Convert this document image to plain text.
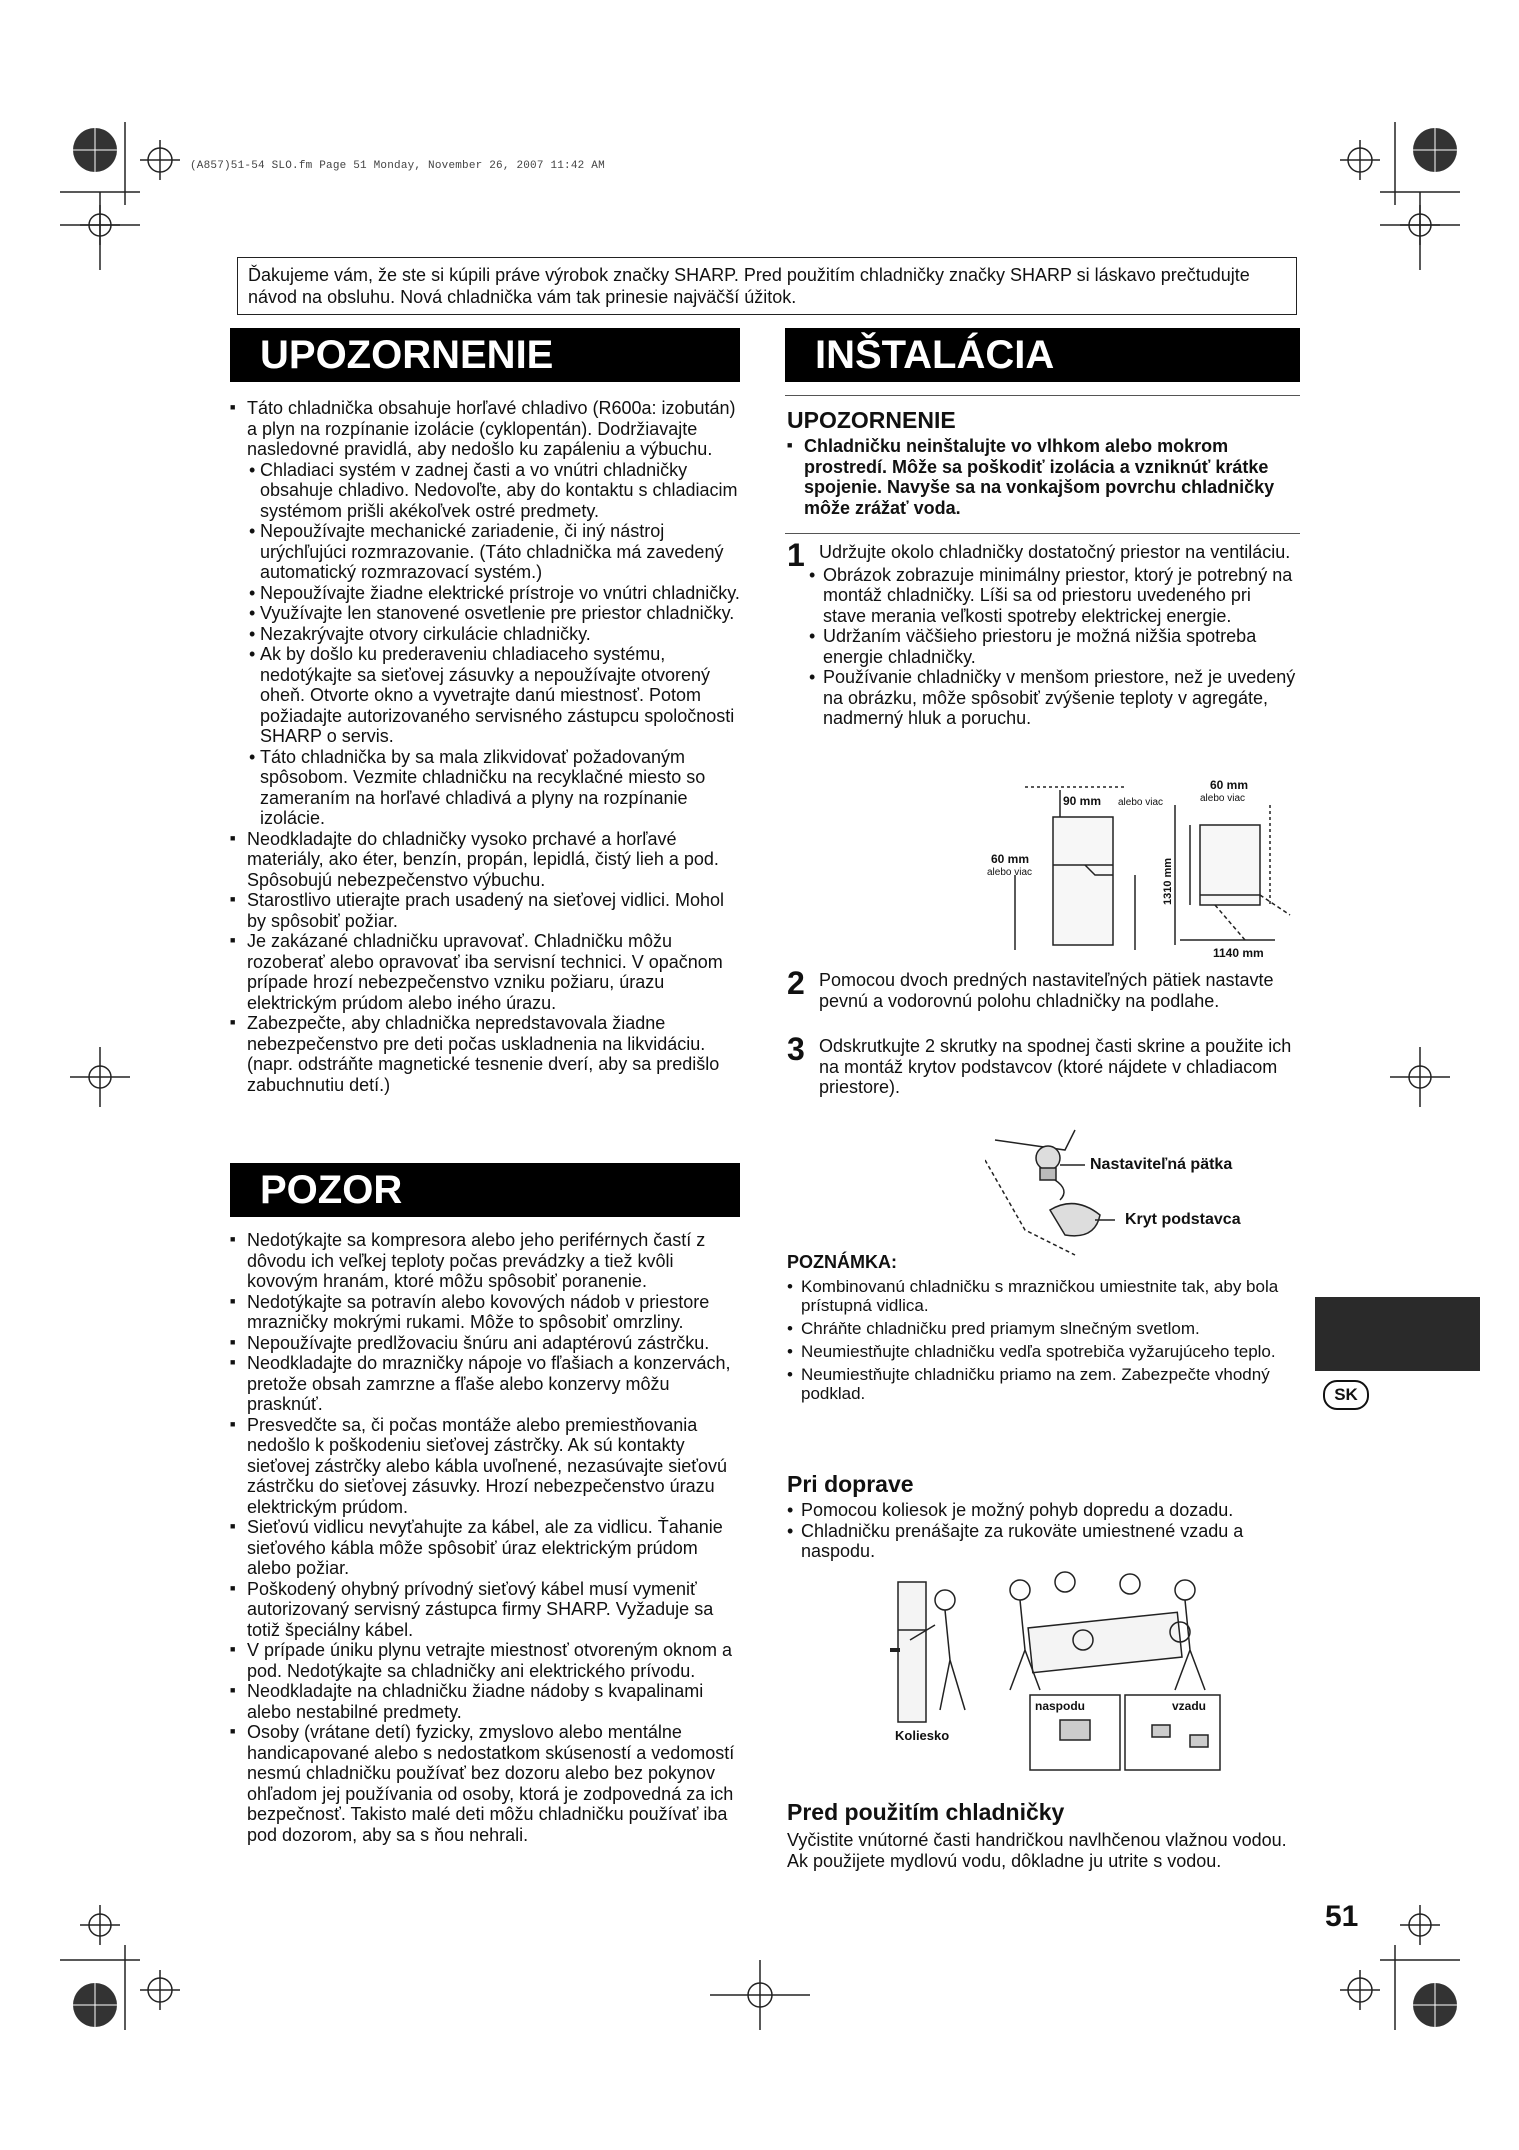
(A857)51-54 SLO.fm Page 51 Monday, November 26, 2007 11:42 AM
Ďakujeme vám, že ste si kúpili práve výrobok značky SHARP. Pred použitím chladničky značky SHARP si láskavo prečtudujte návod na obsluhu. Nová chladnička vám tak prinesie najväčší úžitok.
UPOZORNENIE

■ Táto chladnička obsahuje horľavé chladivo (R600a: izobután) a plyn na rozpínanie izolácie (cyklopentán). Dodržiavajte nasledovné pravidlá, aby nedošlo ku zapáleniu a výbuchu.

• Chladiaci systém v zadnej časti a vo vnútri chladničky obsahuje chladivo. Nedovoľte, aby do kontaktu s chladiacim systémom prišli akékoľvek ostré predmety.

• Nepoužívajte mechanické zariadenie, či iný nástroj urýchľujúci rozmrazovanie. (Táto chladnička má zavedený automatický rozmrazovací systém.)

• Nepoužívajte žiadne elektrické prístroje vo vnútri chladničky.

• Využívajte len stanovené osvetlenie pre priestor chladničky.

• Nezakrývajte otvory cirkulácie chladničky.

• Ak by došlo ku prederaveniu chladiaceho systému, nedotýkajte sa sieťovej zásuvky a nepoužívajte otvorený oheň. Otvorte okno a vyvetrajte danú miestnosť. Potom požiadajte autorizovaného servisného zástupcu spoločnosti SHARP o servis.

• Táto chladnička by sa mala zlikvidovať požadovaným spôsobom. Vezmite chladničku na recyklačné miesto so zameraním na horľavé chladivá a plyny na rozpínanie izolácie.

■ Neodkladajte do chladničky vysoko prchavé a horľavé materiály, ako éter, benzín, propán, lepidlá, čistý lieh a pod. Spôsobujú nebezpečenstvo výbuchu.

■ Starostlivo utierajte prach usadený na sieťovej vidlici. Mohol by spôsobiť požiar.

■ Je zakázané chladničku upravovať. Chladničku môžu rozoberať alebo opravovať iba servisní technici. V opačnom prípade hrozí nebezpečenstvo vzniku požiaru, úrazu elektrickým prúdom alebo iného úrazu.

■ Zabezpečte, aby chladnička nepredstavovala žiadne nebezpečenstvo pre deti počas uskladnenia na likvidáciu. (napr. odstráňte magnetické tesnenie dverí, aby sa predišlo zabuchnutiu detí.)

POZOR

■ Nedotýkajte sa kompresora alebo jeho periférnych častí z dôvodu ich veľkej teploty počas prevádzky a tiež kvôli kovovým hranám, ktoré môžu spôsobiť poranenie.

■ Nedotýkajte sa potravín alebo kovových nádob v priestore mrazničky mokrými rukami. Môže to spôsobiť omrzliny.

■ Nepoužívajte predlžovaciu šnúru ani adaptérovú zástrčku.

■ Neodkladajte do mrazničky nápoje vo fľašiach a konzervách, pretože obsah zamrzne a fľaše alebo konzervy môžu prasknúť.

■ Presvedčte sa, či počas montáže alebo premiestňovania nedošlo k poškodeniu sieťovej zástrčky. Ak sú kontakty sieťovej zástrčky alebo kábla uvoľnené, nezasúvajte sieťovú zástrčku do sieťovej zásuvky. Hrozí nebezpečenstvo úrazu elektrickým prúdom.

■ Sieťovú vidlicu nevyťahujte za kábel, ale za vidlicu. Ťahanie sieťového kábla môže spôsobiť úraz elektrickým prúdom alebo požiar.

■ Poškodený ohybný prívodný sieťový kábel musí vymeniť autorizovaný servisný zástupca firmy SHARP. Vyžaduje sa totiž špeciálny kábel.

■ V prípade úniku plynu vetrajte miestnosť otvoreným oknom a pod. Nedotýkajte sa chladničky ani elektrického prívodu.

■ Neodkladajte na chladničku žiadne nádoby s kvapalinami alebo nestabilné predmety.

■ Osoby (vrátane detí) fyzicky, zmyslovo alebo mentálne handicapované alebo s nedostatkom skúseností a vedomostí nesmú chladničku používať bez dozoru alebo bez pokynov ohľadom jej používania od osoby, ktorá je zodpovedná za ich bezpečnosť. Takisto malé deti môžu chladničku používať iba pod dozorom, aby sa s ňou nehrali.

INŠTALÁCIA
UPOZORNENIE

■ Chladničku neinštalujte vo vlhkom alebo mokrom prostredí. Môže sa poškodiť izolácia a vzniknúť krátke spojenie. Navyše sa na vonkajšom povrchu chladničky môže zrážať voda.

1 Udržujte okolo chladničky dostatočný priestor na ventiláciu.

• Obrázok zobrazuje minimálny priestor, ktorý je potrebný na montáž chladničky. Líši sa od priestoru uvedeného pri stave merania veľkosti spotreby elektrickej energie.

• Udržaním väčšieho priestoru je možná nižšia spotreba energie chladničky.

• Používanie chladničky v menšom priestore, než je uvedený na obrázku, môže spôsobiť zvýšenie teploty v agregáte, nadmerný hluk a poruchu.

90 mm alebo viac
60 mm
alebo viac
60 mm
alebo viac
1310 mm
1140 mm

2 Pomocou dvoch predných nastaviteľných pätiek nastavte pevnú a vodorovnú polohu chladničky na podlahe.

3 Odskrutkujte 2 skrutky na spodnej časti skrine a použite ich na montáž krytov podstavcov (ktoré nájdete v chladiacom priestore).

Nastaviteľná pätka
Kryt podstavca
POZNÁMKA:

• Kombinovanú chladničku s mrazničkou umiestnite tak, aby bola prístupná vidlica.

• Chráňte chladničku pred priamym slnečným svetlom.

• Neumiestňujte chladničku vedľa spotrebiča vyžarujúceho teplo.

• Neumiestňujte chladničku priamo na zem. Zabezpečte vhodný podklad.

Pri doprave

• Pomocou koliesok je možný pohyb dopredu a dozadu.

• Chladničku prenášajte za rukoväte umiestnené vzadu a naspodu.

Koliesko
naspodu	vzadu
Pred použitím chladničky
Vyčistite vnútorné časti handričkou navlhčenou vlažnou vodou. Ak použijete mydlovú vodu, dôkladne ju utrite s vodou.
SK
51
